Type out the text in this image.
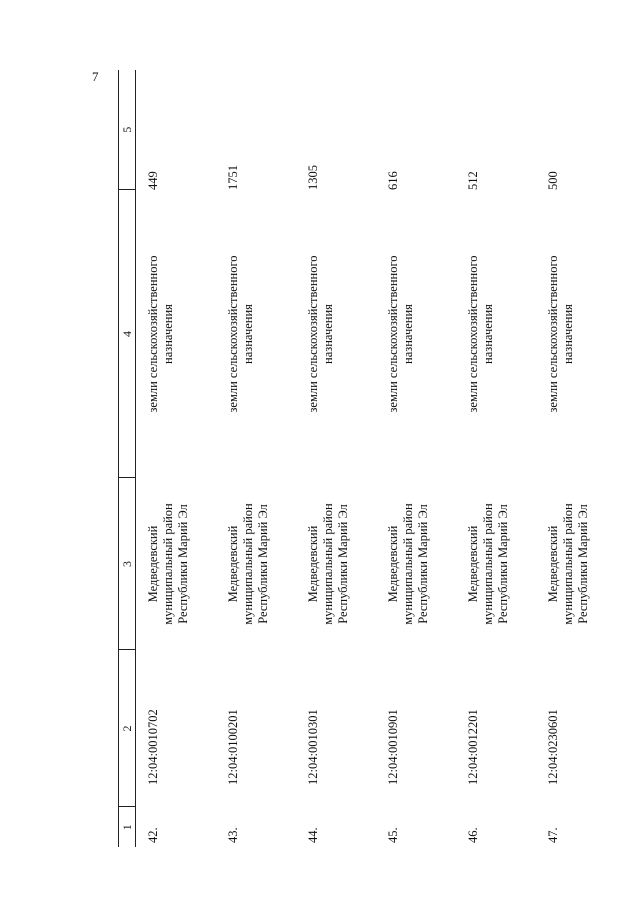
7
1	2	3	4	5
42.	12:04:0010702	Медведевский муниципальный район Республики Марий Эл	земли сельскохозяйственного назначения	449
43.	12:04:0100201	Медведевский муниципальный район Республики Марий Эл	земли сельскохозяйственного назначения	1751
44.	12:04:0010301	Медведевский муниципальный район Республики Марий Эл	земли сельскохозяйственного назначения	1305
45.	12:04:0010901	Медведевский муниципальный район Республики Марий Эл	земли сельскохозяйственного назначения	616
46.	12:04:0012201	Медведевский муниципальный район Республики Марий Эл	земли сельскохозяйственного назначения	512
47.	12:04:0230601	Медведевский муниципальный район Республики Марий Эл	земли сельскохозяйственного назначения	500
